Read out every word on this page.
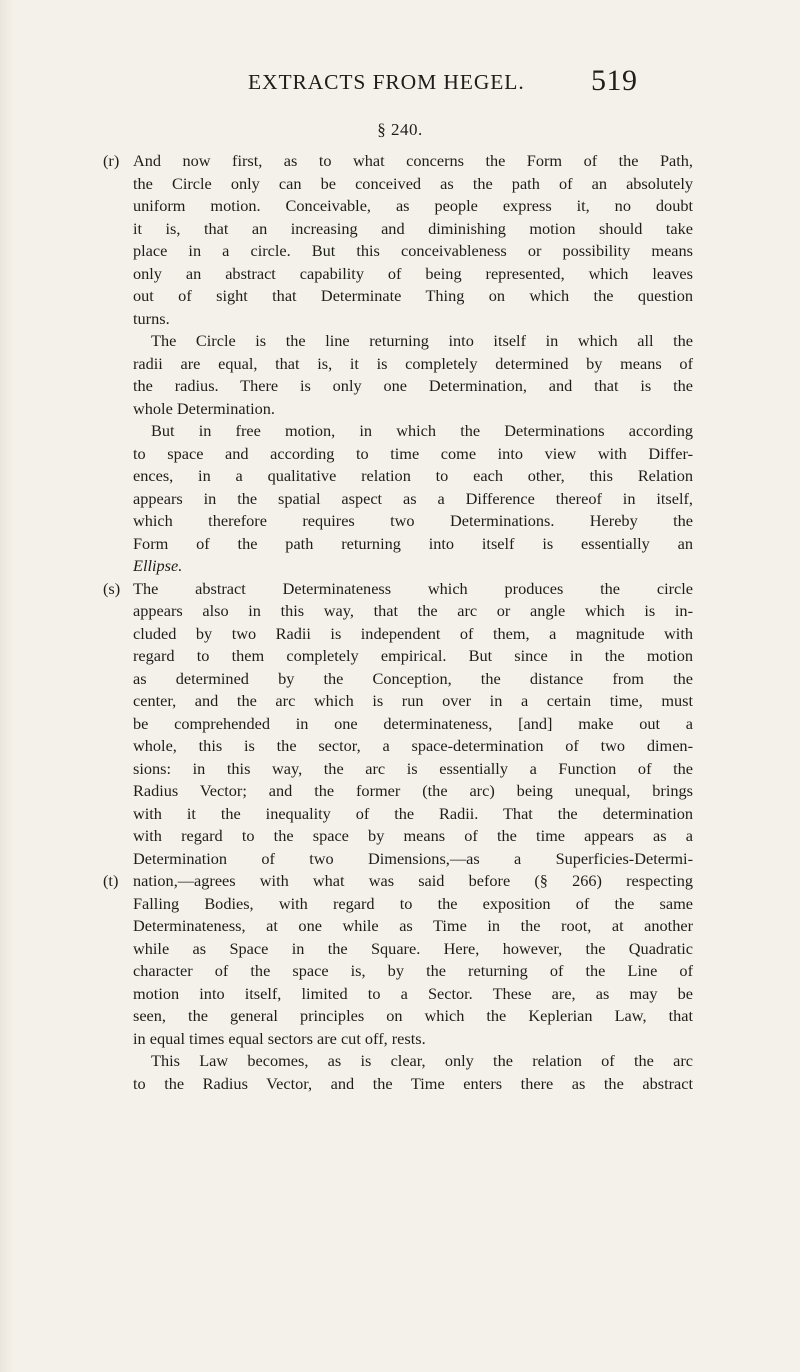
EXTRACTS FROM HEGEL. 519
§ 240.
(r) And now first, as to what concerns the Form of the Path,
the Circle only can be conceived as the path of an absolutely
uniform motion. Conceivable, as people express it, no doubt
it is, that an increasing and diminishing motion should take
place in a circle. But this conceivableness or possibility means
only an abstract capability of being represented, which leaves
out of sight that Determinate Thing on which the question
turns.
The Circle is the line returning into itself in which all the
radii are equal, that is, it is completely determined by means of
the radius. There is only one Determination, and that is the
whole Determination.
But in free motion, in which the Determinations according
to space and according to time come into view with Differ-
ences, in a qualitative relation to each other, this Relation
appears in the spatial aspect as a Difference thereof in itself,
which therefore requires two Determinations. Hereby the
Form of the path returning into itself is essentially an
Ellipse.
(s) The abstract Determinateness which produces the circle
appears also in this way, that the arc or angle which is in-
cluded by two Radii is independent of them, a magnitude with
regard to them completely empirical. But since in the motion
as determined by the Conception, the distance from the
center, and the arc which is run over in a certain time, must
be comprehended in one determinateness, [and] make out a
whole, this is the sector, a space-determination of two dimen-
sions: in this way, the arc is essentially a Function of the
Radius Vector; and the former (the arc) being unequal, brings
with it the inequality of the Radii. That the determination
with regard to the space by means of the time appears as a
Determination of two Dimensions,—as a Superficies-Determi-
(t) nation,—agrees with what was said before (§ 266) respecting
Falling Bodies, with regard to the exposition of the same
Determinateness, at one while as Time in the root, at another
while as Space in the Square. Here, however, the Quadratic
character of the space is, by the returning of the Line of
motion into itself, limited to a Sector. These are, as may be
seen, the general principles on which the Keplerian Law, that
in equal times equal sectors are cut off, rests.
This Law becomes, as is clear, only the relation of the arc
to the Radius Vector, and the Time enters there as the abstract
